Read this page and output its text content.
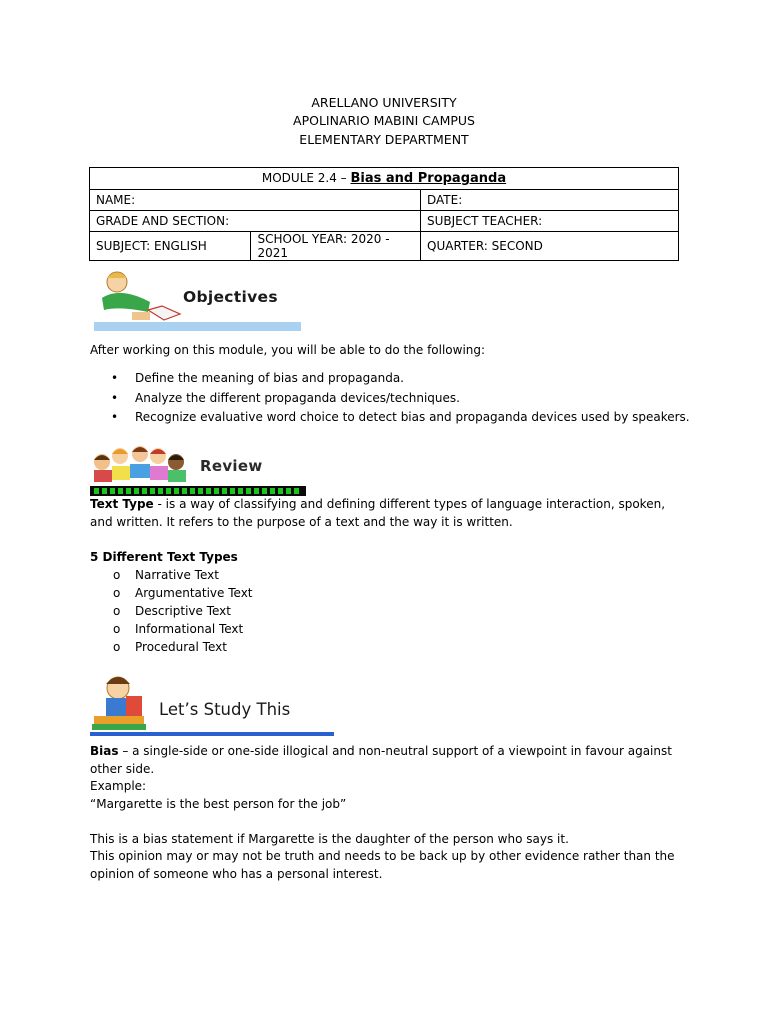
ARELLANO UNIVERSITY
APOLINARIO MABINI CAMPUS
ELEMENTARY DEPARTMENT
MODULE 2.4 – Bias and Propaganda		
NAME:		DATE:
GRADE AND SECTION:		SUBJECT TEACHER:
SUBJECT: ENGLISH	SCHOOL YEAR: 2020 - 2021	QUARTER: SECOND
Objectives
After working on this module, you will be able to do the following:
• Define the meaning of bias and propaganda.
• Analyze the different propaganda devices/techniques.
• Recognize evaluative word choice to detect bias and propaganda devices used by speakers.
Review
Text Type - is a way of classifying and defining different types of language interaction, spoken, and written. It refers to the purpose of a text and the way it is written.
5 Different Text Types
o Narrative Text
o Argumentative Text
o Descriptive Text
o Informational Text
o Procedural Text
Let’s Study This
Bias – a single-side or one-side illogical and non-neutral support of a viewpoint in favour against other side.
Example:
“Margarette is the best person for the job”
This is a bias statement if Margarette is the daughter of the person who says it.
This opinion may or may not be truth and needs to be back up by other evidence rather than the opinion of someone who has a personal interest.
